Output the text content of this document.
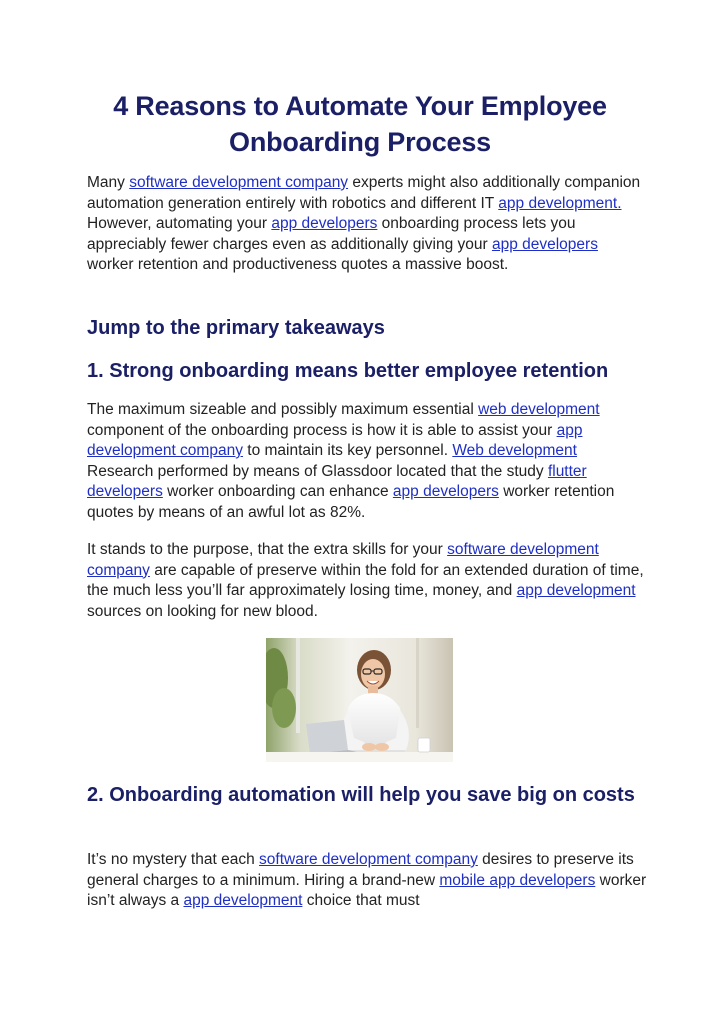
4 Reasons to Automate Your Employee Onboarding Process

Many software development company experts might also additionally companion automation generation entirely with robotics and different IT app development. However, automating your app developers onboarding process lets you appreciably fewer charges even as additionally giving your app developers worker retention and productiveness quotes a massive boost.

Jump to the primary takeaways
1. Strong onboarding means better employee retention

The maximum sizeable and possibly maximum essential web development component of the onboarding process is how it is able to assist your app development company to maintain its key personnel. Web development Research performed by means of Glassdoor located that the study flutter developers worker onboarding can enhance app developers worker retention quotes by means of an awful lot as 82%.

It stands to the purpose, that the extra skills for your software development company are capable of preserve within the fold for an extended duration of time, the much less you’ll far approximately losing time, money, and app development sources on looking for new blood.

2. Onboarding automation will help you save big on costs

It’s no mystery that each software development company desires to preserve its general charges to a minimum. Hiring a brand-new mobile app developers worker isn’t always a app development choice that must
